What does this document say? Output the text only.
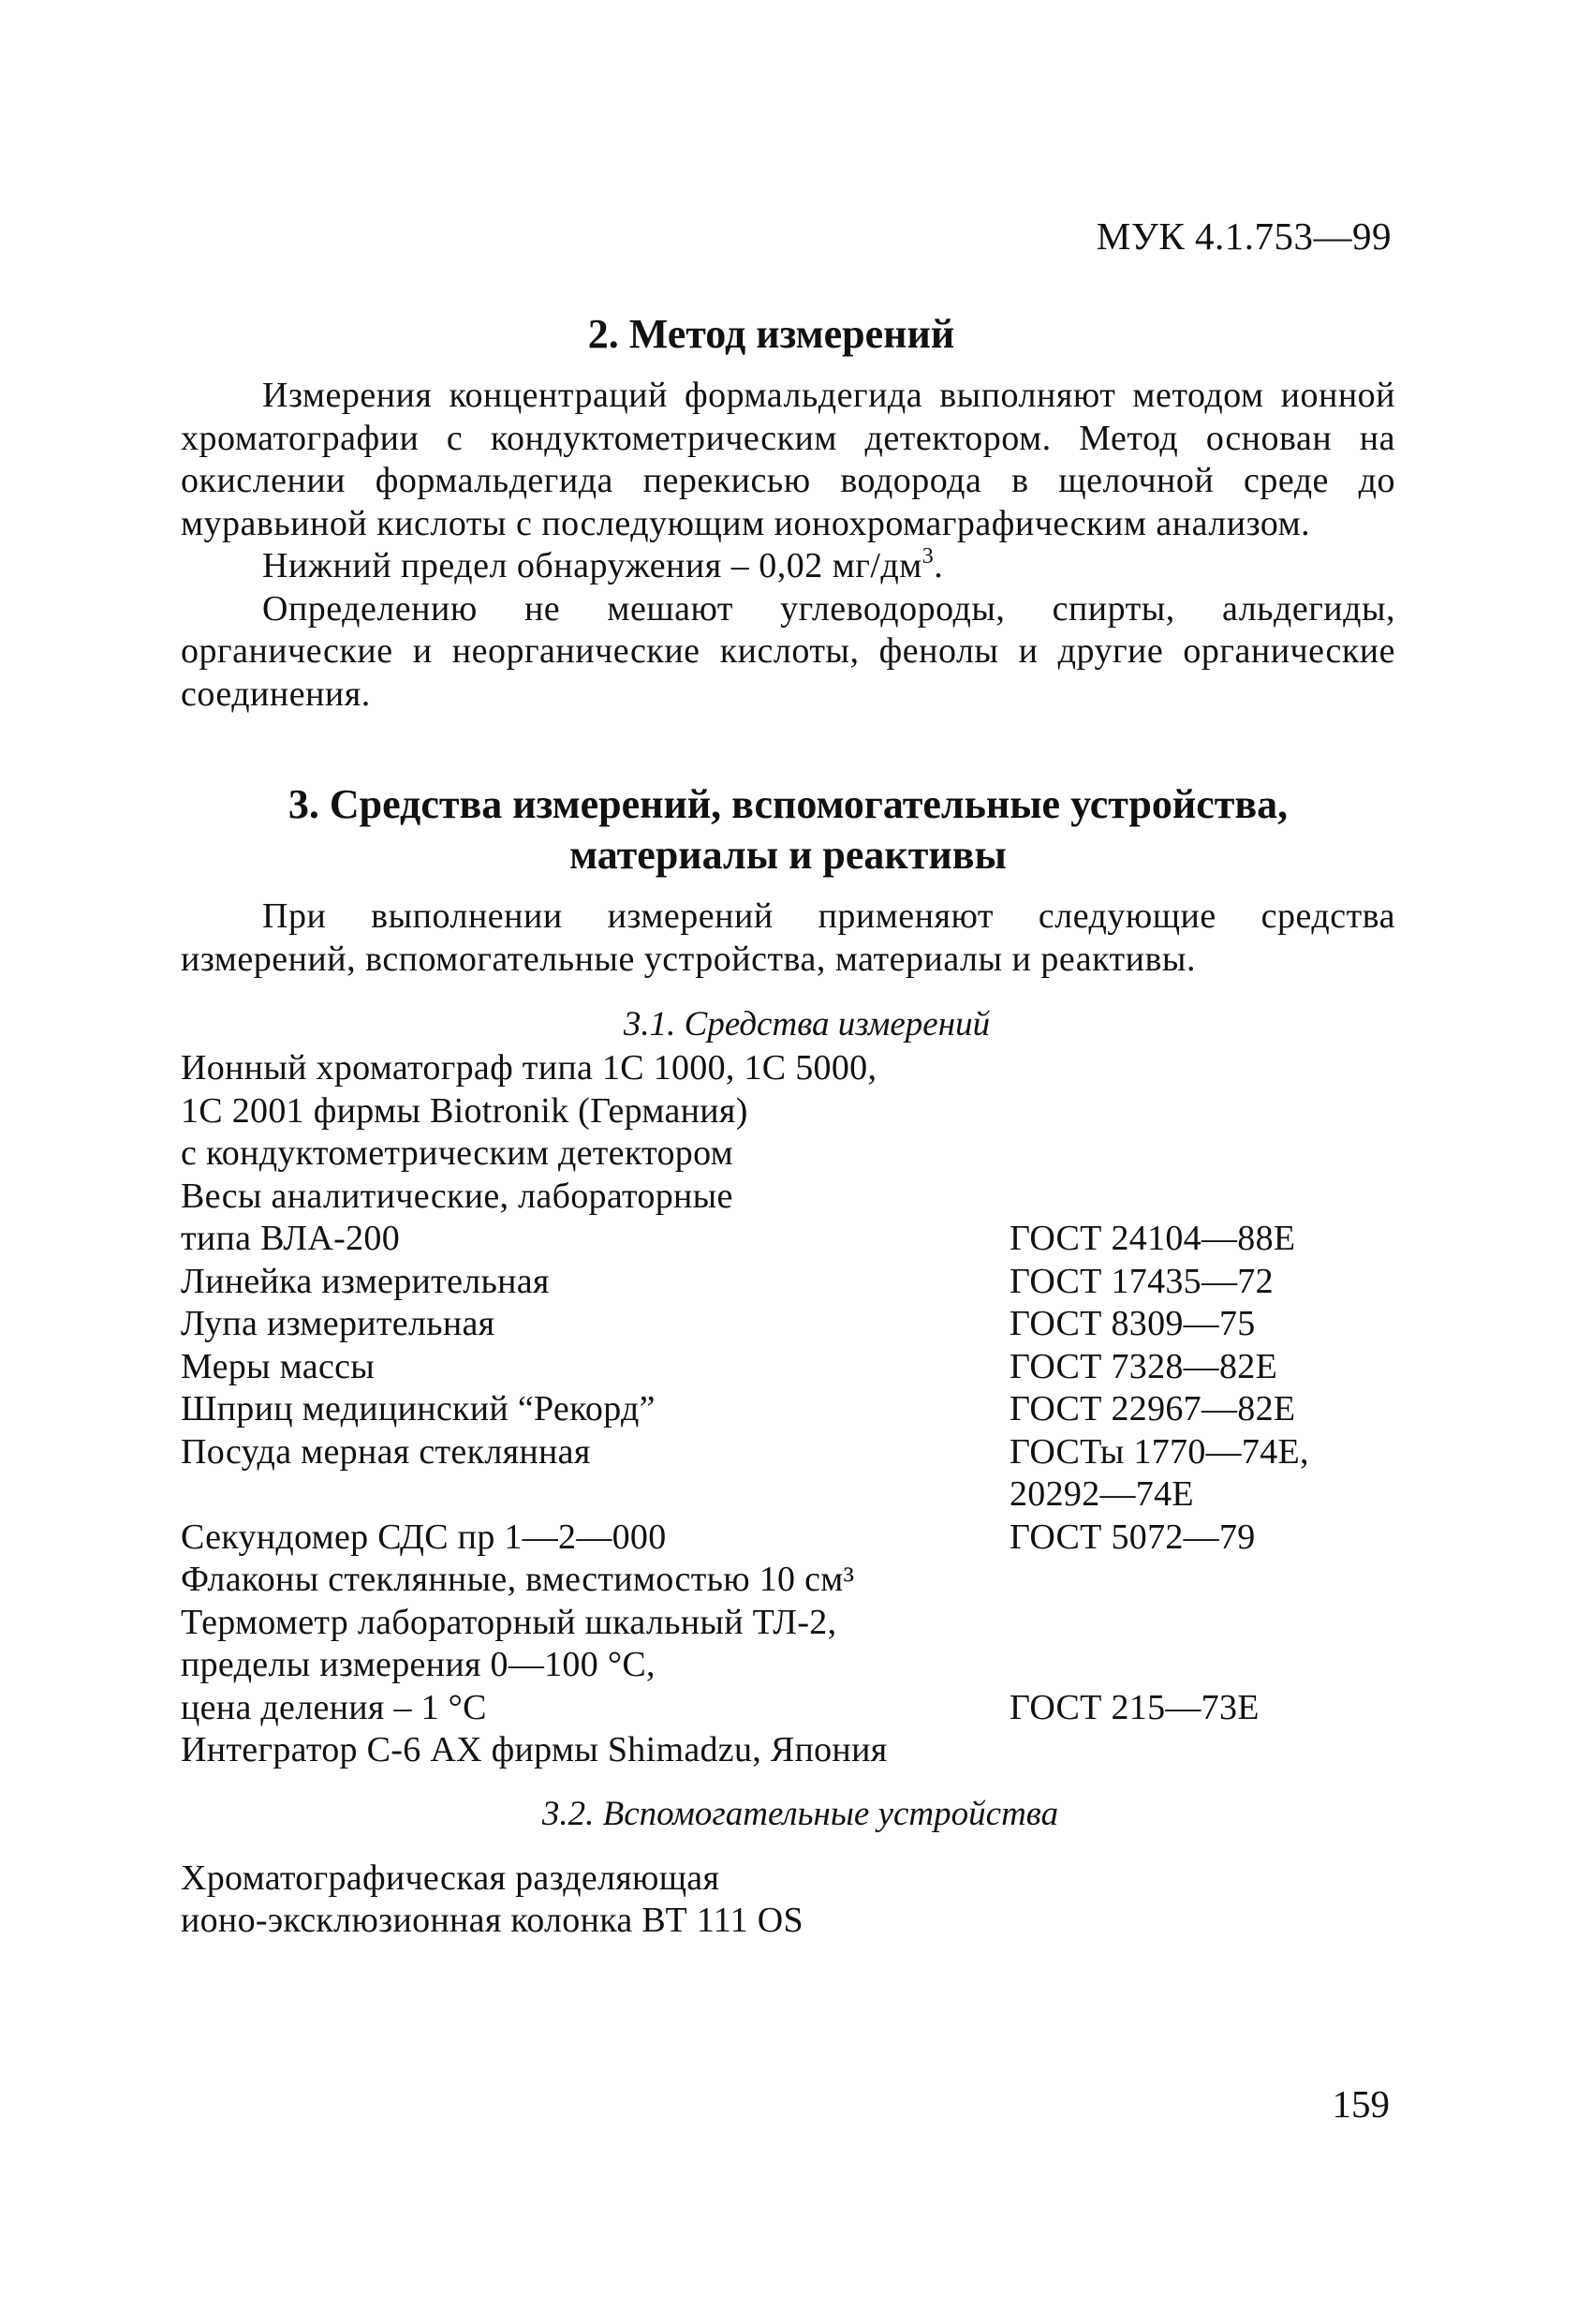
МУК 4.1.753—99
2. Метод измерений

Измерения концентраций формальдегида выполняют методом ионной хроматографии с кондуктометрическим детектором. Метод основан на окислении формальдегида перекисью водорода в щелочной среде до муравьиной кислоты с последующим ионохромаграфическим анализом.

Нижний предел обнаружения – 0,02 $мг/дм^3$.

Определению не мешают углеводороды, спирты, альдегиды, органические и неорганические кислоты, фенолы и другие органические соединения.

3. Средства измерений, вспомогательные устройства,
материалы и реактивы

При выполнении измерений применяют следующие средства измерений, вспомогательные устройства, материалы и реактивы.

3.1. Средства измерений
Ионный хроматограф типа 1С 1000, 1С 5000,
1С 2001 фирмы Biotronik (Германия)
с кондуктометрическим детектором
Весы аналитические, лабораторные
типа ВЛА-200	ГОСТ 24104—88Е
Линейка измерительная	ГОСТ 17435—72
Лупа измерительная	ГОСТ 8309—75
Меры массы	ГОСТ 7328—82Е
Шприц медицинский “Рекорд”	ГОСТ 22967—82Е
Посуда мерная стеклянная	ГОСТы 1770—74Е,
20292—74Е
Секундомер СДС пр 1—2—000	ГОСТ 5072—79
Флаконы стеклянные, вместимостью 10 см³
Термометр лабораторный шкальный ТЛ-2,
пределы измерения 0—100 °С,
цена деления – 1 °С	ГОСТ 215—73Е
Интегратор С-6 АХ фирмы Shimadzu, Япония
3.2. Вспомогательные устройства
Хроматографическая разделяющая
ионо-эксклюзионная колонка ВТ 111 OS
159
